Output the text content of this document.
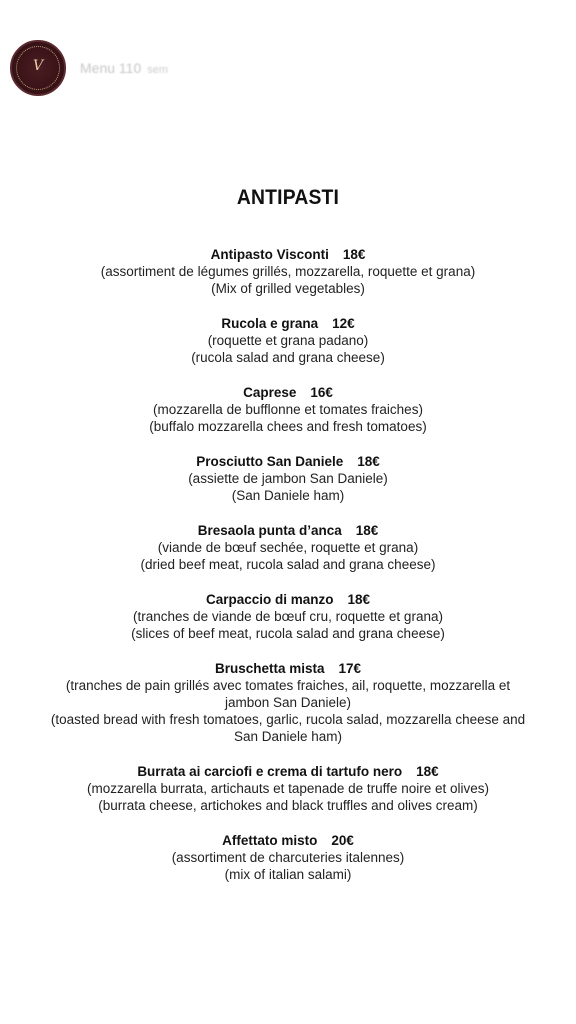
V	Menu 110 sem
ANTIPASTI
Antipasto Visconti 18€
(assortiment de légumes grillés, mozzarella, roquette et grana)
(Mix of grilled vegetables)
Rucola e grana 12€
(roquette et grana padano)
(rucola salad and grana cheese)
Caprese 16€
(mozzarella de bufflonne et tomates fraiches)
(buffalo mozzarella chees and fresh tomatoes)
Prosciutto San Daniele 18€
(assiette de jambon San Daniele)
(San Daniele ham)
Bresaola punta d’anca 18€
(viande de bœuf sechée, roquette et grana)
(dried beef meat, rucola salad and grana cheese)
Carpaccio di manzo 18€
(tranches de viande de bœuf cru, roquette et grana)
(slices of beef meat, rucola salad and grana cheese)
Bruschetta mista 17€
(tranches de pain grillés avec tomates fraiches, ail, roquette, mozzarella et
jambon San Daniele)
(toasted bread with fresh tomatoes, garlic, rucola salad, mozzarella cheese and
San Daniele ham)
Burrata ai carciofi e crema di tartufo nero 18€
(mozzarella burrata, artichauts et tapenade de truffe noire et olives)
(burrata cheese, artichokes and black truffles and olives cream)
Affettato misto 20€
(assortiment de charcuteries italennes)
(mix of italian salami)
